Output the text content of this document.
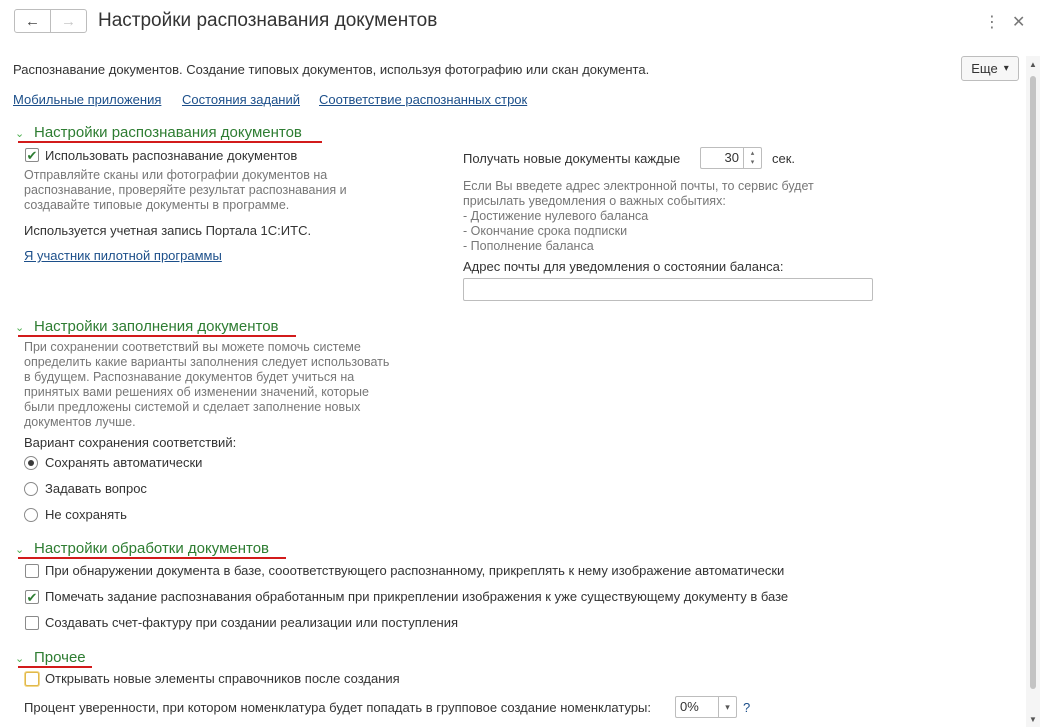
← → Настройки распознавания документов	⋮ ✕
Распознавание документов. Создание типовых документов, используя фотографию или скан документа.	Еще ▾
Мобильные приложения Состояния заданий Соответствие распознанных строк
⌄ Настройки распознавания документов
✔ Использовать распознавание документов
Отправляйте сканы или фотографии документов на распознавание, проверяйте результат распознавания и создавайте типовые документы в программе.
Используется учетная запись Портала 1С:ИТС.
Я участник пилотной программы
Получать новые документы каждые	30	▴
▾	сек.
Если Вы введете адрес электронной почты, то сервис будет
присылать уведомления о важных событиях:
- Достижение нулевого баланса
- Окончание срока подписки
- Пополнение баланса
Адрес почты для уведомления о состоянии баланса:
⌄ Настройки заполнения документов
При сохранении соответствий вы можете помочь системе определить какие варианты заполнения следует использовать в будущем. Распознавание документов будет учиться на принятых вами решениях об изменении значений, которые были предложены системой и сделает заполнение новых документов лучше.
Вариант сохранения соответствий:
Сохранять автоматически
Задавать вопрос
Не сохранять
⌄ Настройки обработки документов
При обнаружении документа в базе, сооответствующего распознанному, прикреплять к нему изображение автоматически
✔ Помечать задание распознавания обработанным при прикреплении изображения к уже существующему документу в базе
Создавать счет-фактуру при создании реализации или поступления
⌄ Прочее
Открывать новые элементы справочников после создания
Процент уверенности, при котором номенклатура будет попадать в групповое создание номенклатуры:	0%	▾	?
▲
▼
